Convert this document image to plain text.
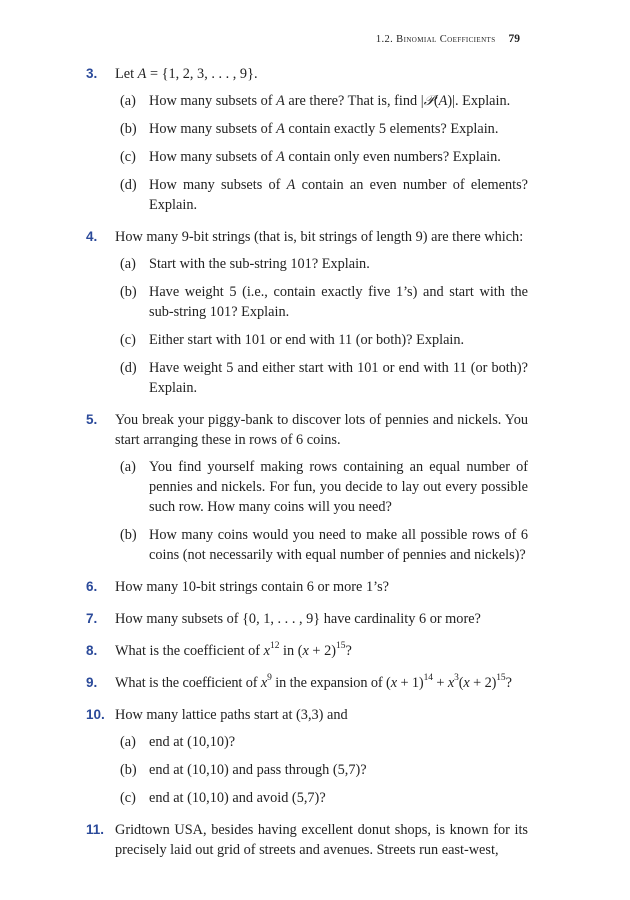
1.2. Binomial Coefficients 79
3. Let A = {1, 2, 3, . . . , 9}.
(a) How many subsets of A are there? That is, find |𝒫(A)|. Explain.
(b) How many subsets of A contain exactly 5 elements? Explain.
(c) How many subsets of A contain only even numbers? Explain.
(d) How many subsets of A contain an even number of elements? Explain.
4. How many 9-bit strings (that is, bit strings of length 9) are there which:
(a) Start with the sub-string 101? Explain.
(b) Have weight 5 (i.e., contain exactly five 1’s) and start with the sub-string 101? Explain.
(c) Either start with 101 or end with 11 (or both)? Explain.
(d) Have weight 5 and either start with 101 or end with 11 (or both)? Explain.
5. You break your piggy-bank to discover lots of pennies and nickels. You start arranging these in rows of 6 coins.
(a) You find yourself making rows containing an equal number of pennies and nickels. For fun, you decide to lay out every possible such row. How many coins will you need?
(b) How many coins would you need to make all possible rows of 6 coins (not necessarily with equal number of pennies and nickels)?
6. How many 10-bit strings contain 6 or more 1’s?
7. How many subsets of {0, 1, . . . , 9} have cardinality 6 or more?
8. What is the coefficient of $x^{12}$ in $(x + 2)^{15}$?
9. What is the coefficient of $x^9$ in the expansion of $(x + 1)^{14} + x^3(x + 2)^{15}$?
10. How many lattice paths start at (3,3) and
(a) end at (10,10)?
(b) end at (10,10) and pass through (5,7)?
(c) end at (10,10) and avoid (5,7)?
11. Gridtown USA, besides having excellent donut shops, is known for its precisely laid out grid of streets and avenues. Streets run east-west,
